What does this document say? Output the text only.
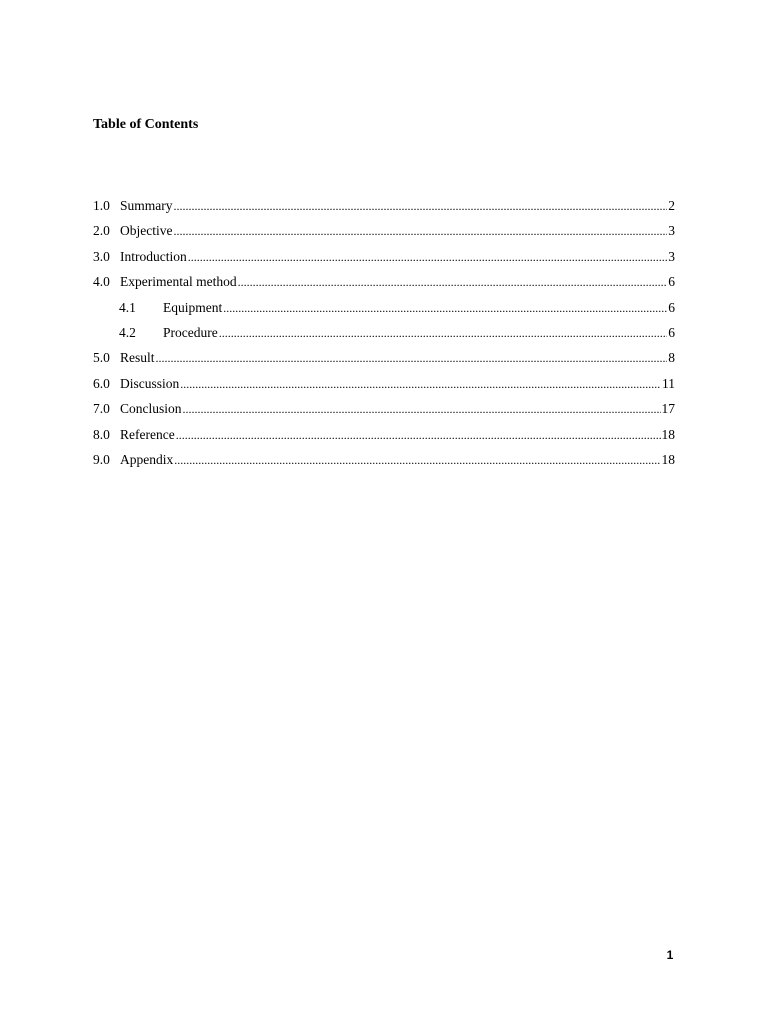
Table of Contents
1.0 Summary .....	2
2.0 Objective .....	3
3.0 Introduction .....	3
4.0 Experimental method .....	6
4.1	Equipment .....	6
4.2	Procedure .....	6
5.0 Result .....	8
6.0 Discussion .....	11
7.0 Conclusion .....	17
8.0 Reference .....	18
9.0 Appendix .....	18
1
